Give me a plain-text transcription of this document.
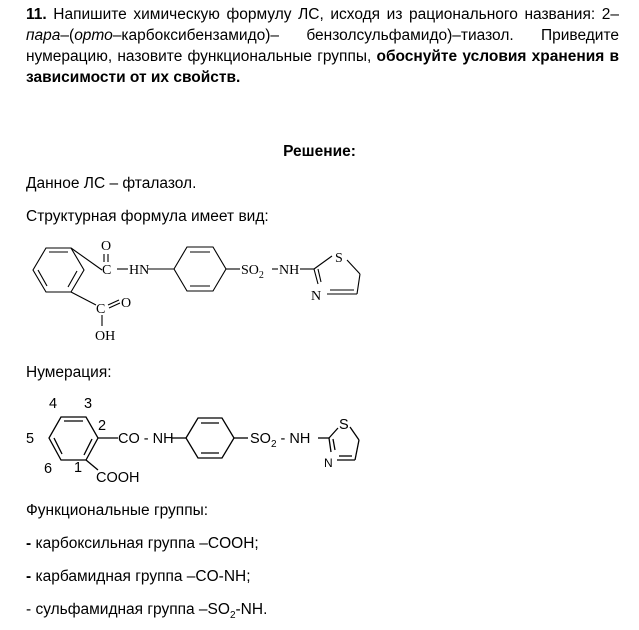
11. Напишите химическую формулу ЛС, исходя из рационального названия: 2–пара–(орто–карбоксибензамидо)– бензолсульфамидо)–тиазол. Приведите нумерацию, назовите функциональные группы, обоснуйте условия хранения в зависимости от их свойств.
Решение:
Данное ЛС – фталазол.
Структурная формула имеет вид:
O
C HN	$SO_2$ NH
S
N
C O
OH
4 3
2
5
6 1
CO - NH	$SO_2$ - NH
COOH
S
N
Нумерация:
Функциональные группы:
- карбоксильная группа –COOH;
- карбамидная группа –CO-NH;
- сульфамидная группа $-SO_2-NH$.
